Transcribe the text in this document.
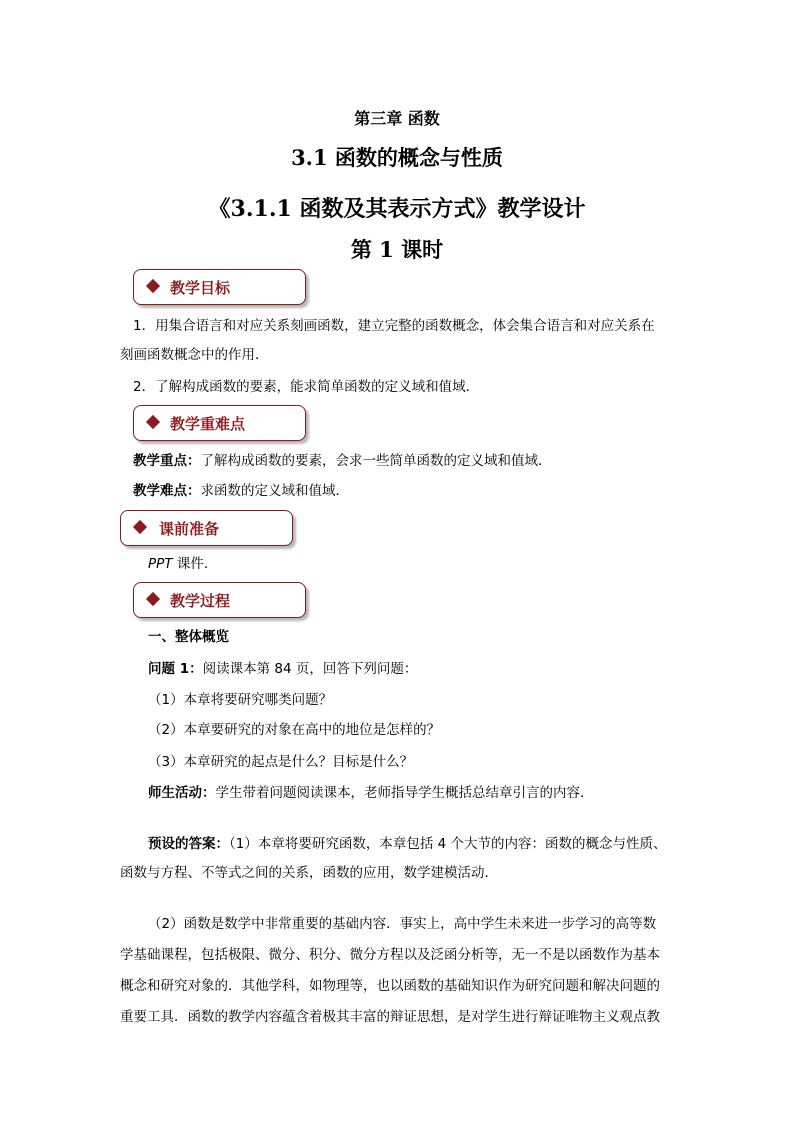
第三章 函数
3.1 函数的概念与性质
《3.1.1 函数及其表示方式》教学设计
第 1 课时
教学目标
1．用集合语言和对应关系刻画函数，建立完整的函数概念，体会集合语言和对应关系在
刻画函数概念中的作用．
2．了解构成函数的要素，能求简单函数的定义域和值域．
教学重难点
教学重点：了解构成函数的要素，会求一些简单函数的定义域和值域．
教学难点：求函数的定义域和值域．
课前准备
PPT 课件．
教学过程
一、整体概览
问题 1：阅读课本第 84 页，回答下列问题：
（1）本章将要研究哪类问题？
（2）本章要研究的对象在高中的地位是怎样的？
（3）本章研究的起点是什么？目标是什么？
师生活动：学生带着问题阅读课本，老师指导学生概括总结章引言的内容．
预设的答案：（1）本章将要研究函数，本章包括 4 个大节的内容：函数的概念与性质、
函数与方程、不等式之间的关系，函数的应用，数学建模活动．
（2）函数是数学中非常重要的基础内容．事实上，高中学生未来进一步学习的高等数
学基础课程，包括极限、微分、积分、微分方程以及泛函分析等，无一不是以函数作为基本
概念和研究对象的．其他学科，如物理等，也以函数的基础知识作为研究问题和解决问题的
重要工具．函数的教学内容蕴含着极其丰富的辩证思想，是对学生进行辩证唯物主义观点教
